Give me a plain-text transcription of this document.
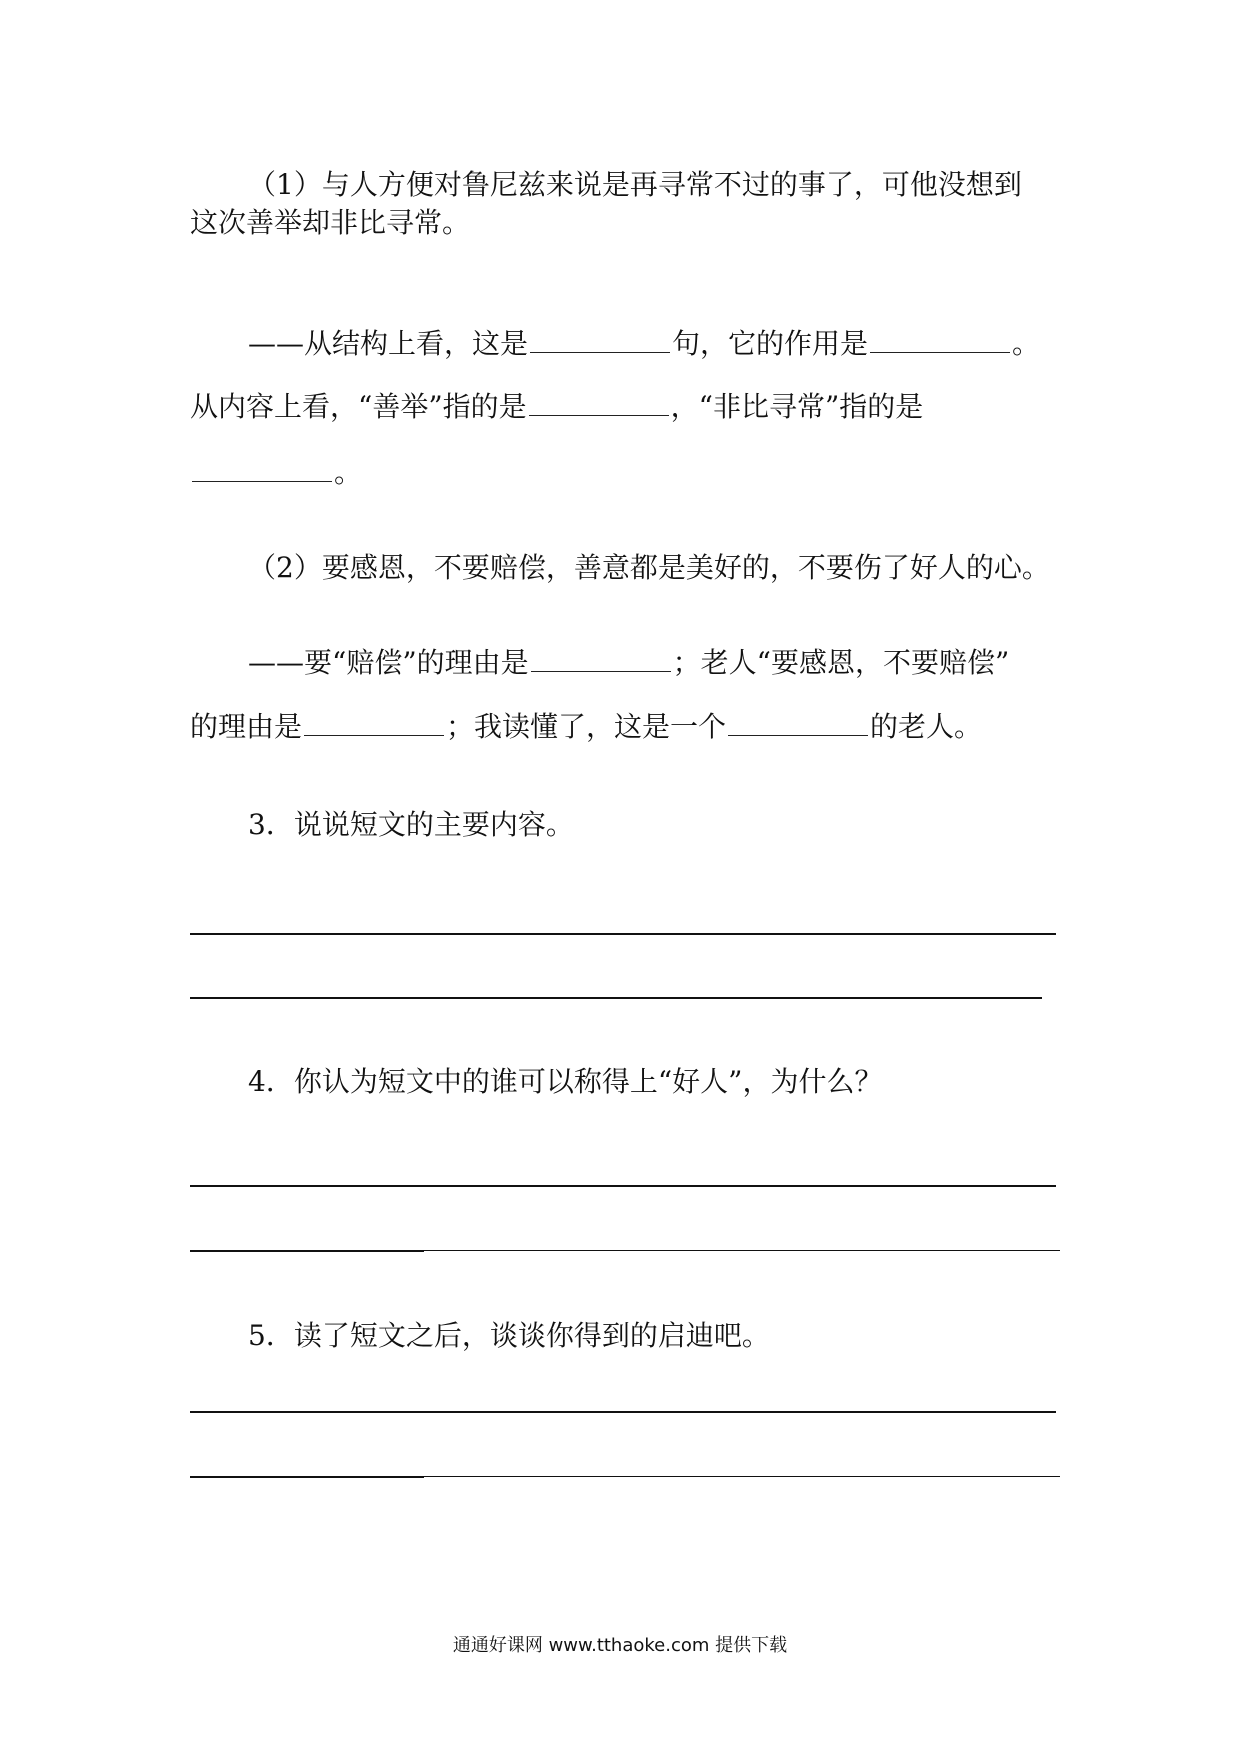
（1）与人方便对鲁尼兹来说是再寻常不过的事了，可他没想到
这次善举却非比寻常。
——从结构上看，这是	句，它的作用是	。
从内容上看，“善举”指的是	，“非比寻常”指的是
。
（2）要感恩，不要赔偿，善意都是美好的，不要伤了好人的心。
——要“赔偿”的理由是	；老人“要感恩，不要赔偿”
的理由是	；我读懂了，这是一个	的老人。
3．说说短文的主要内容。
4．你认为短文中的谁可以称得上“好人”，为什么？
5．读了短文之后，谈谈你得到的启迪吧。
通通好课网 www.tthaoke.com 提供下载
